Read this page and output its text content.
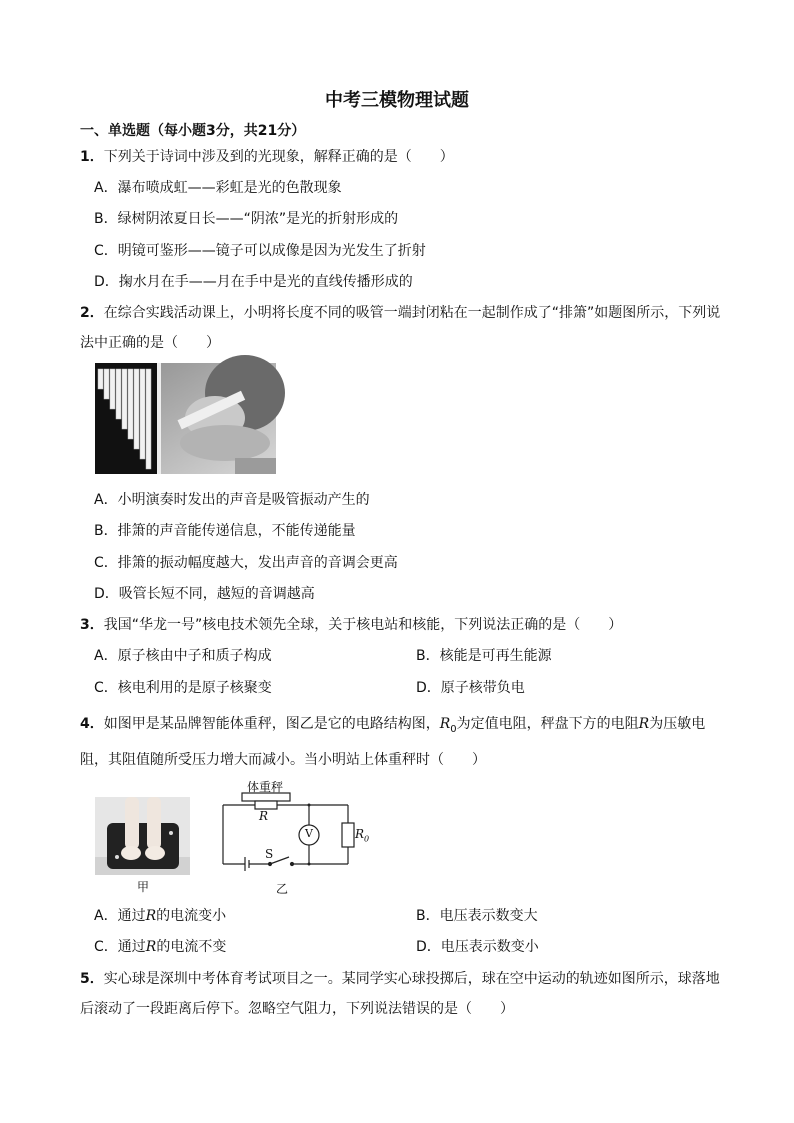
中考三模物理试题
一、单选题（每小题3分，共21分）
1．下列关于诗词中涉及到的光现象，解释正确的是（　　）
A．瀑布喷成虹——彩虹是光的色散现象
B．绿树阴浓夏日长——“阴浓”是光的折射形成的
C．明镜可鉴形——镜子可以成像是因为光发生了折射
D．掬水月在手——月在手中是光的直线传播形成的
2．在综合实践活动课上，小明将长度不同的吸管一端封闭粘在一起制作成了“排箫”如题图所示，下列说
法中正确的是（　　）
A．小明演奏时发出的声音是吸管振动产生的
B．排箫的声音能传递信息，不能传递能量
C．排箫的振动幅度越大，发出声音的音调会更高
D．吸管长短不同，越短的音调越高
3．我国“华龙一号”核电技术领先全球，关于核电站和核能，下列说法正确的是（　　）
A．原子核由中子和质子构成	B．核能是可再生能源
C．核电利用的是原子核聚变	D．原子核带负电
4．如图甲是某品牌智能体重秤，图乙是它的电路结构图，$R_0$为定值电阻，秤盘下方的电阻R为压敏电
阻，其阻值随所受压力增大而减小。当小明站上体重秤时（　　）
甲
体重秤
R
V
S
$R_0$
乙
A．通过R的电流变小	B．电压表示数变大
C．通过R的电流不变	D．电压表示数变小
5．实心球是深圳中考体育考试项目之一。某同学实心球投掷后，球在空中运动的轨迹如图所示，球落地
后滚动了一段距离后停下。忽略空气阻力，下列说法错误的是（　　）
